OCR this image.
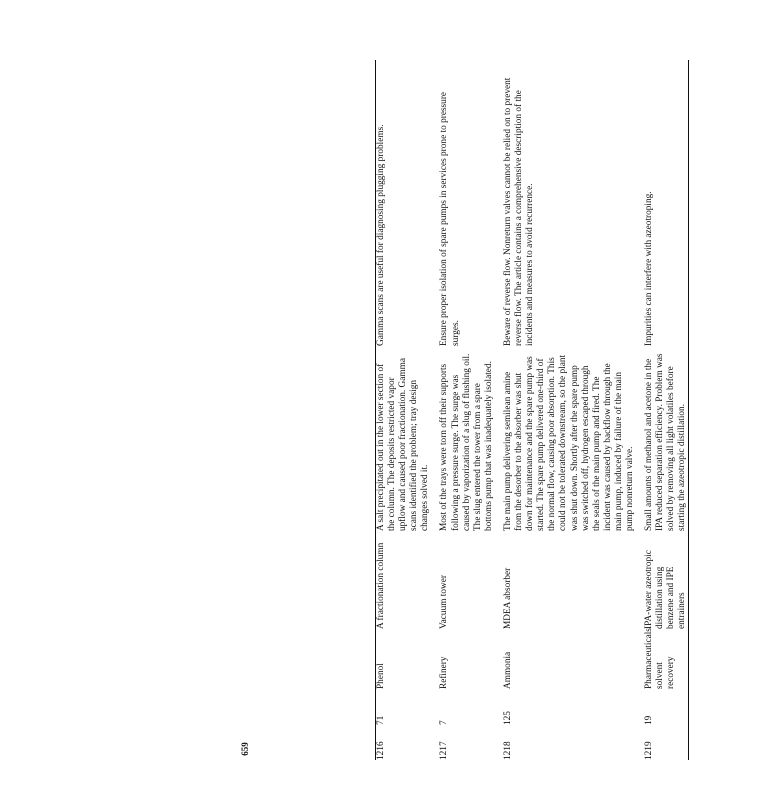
1216	71	Phenol	A fractionation column	A salt precipitated out in the lower section of the column. The deposits restricted vapor upflow and caused poor fractionation. Gamma scans identified the problem; tray design changes solved it.	Gamma scans are useful for diagnosing plugging problems.

1217	7	Refinery	Vacuum tower	Most of the trays were torn off their supports following a pressure surge. The surge was caused by vaporization of a slug of flushing oil. The slug entered the tower from a spare bottoms pump that was inadequately isolated.	Ensure proper isolation of spare pumps in services prone to pressure surges.

1218	125	Ammonia	MDEA absorber	The main pump delivering semilean amine from the desorber to the absorber was shut down for maintenance and the spare pump was started. The spare pump delivered one-third of the normal flow, causing poor absorption. This could not be tolerated downstream, so the plant was shut down. Shortly after the spare pump was switched off, hydrogen escaped through the seals of the main pump and fired. The incident was caused by backflow through the main pump, induced by failure of the main pump nonreturn valve.	Beware of reverse flow. Nonreturn valves cannot be relied on to prevent reverse flow. The article contains a comprehensive description of the incidents and measures to avoid recurrence.

1219	19	Pharmaceuticals solvent recovery	IPA-water azeotropic distillation using benzene and IPE entrainers	Small amounts of methanol and acetone in the IPA reduced separation efficiency. Problem was solved by removing all light volatiles before starting the azeotropic distillation.	Impurities can interfere with azeotroping.
659
